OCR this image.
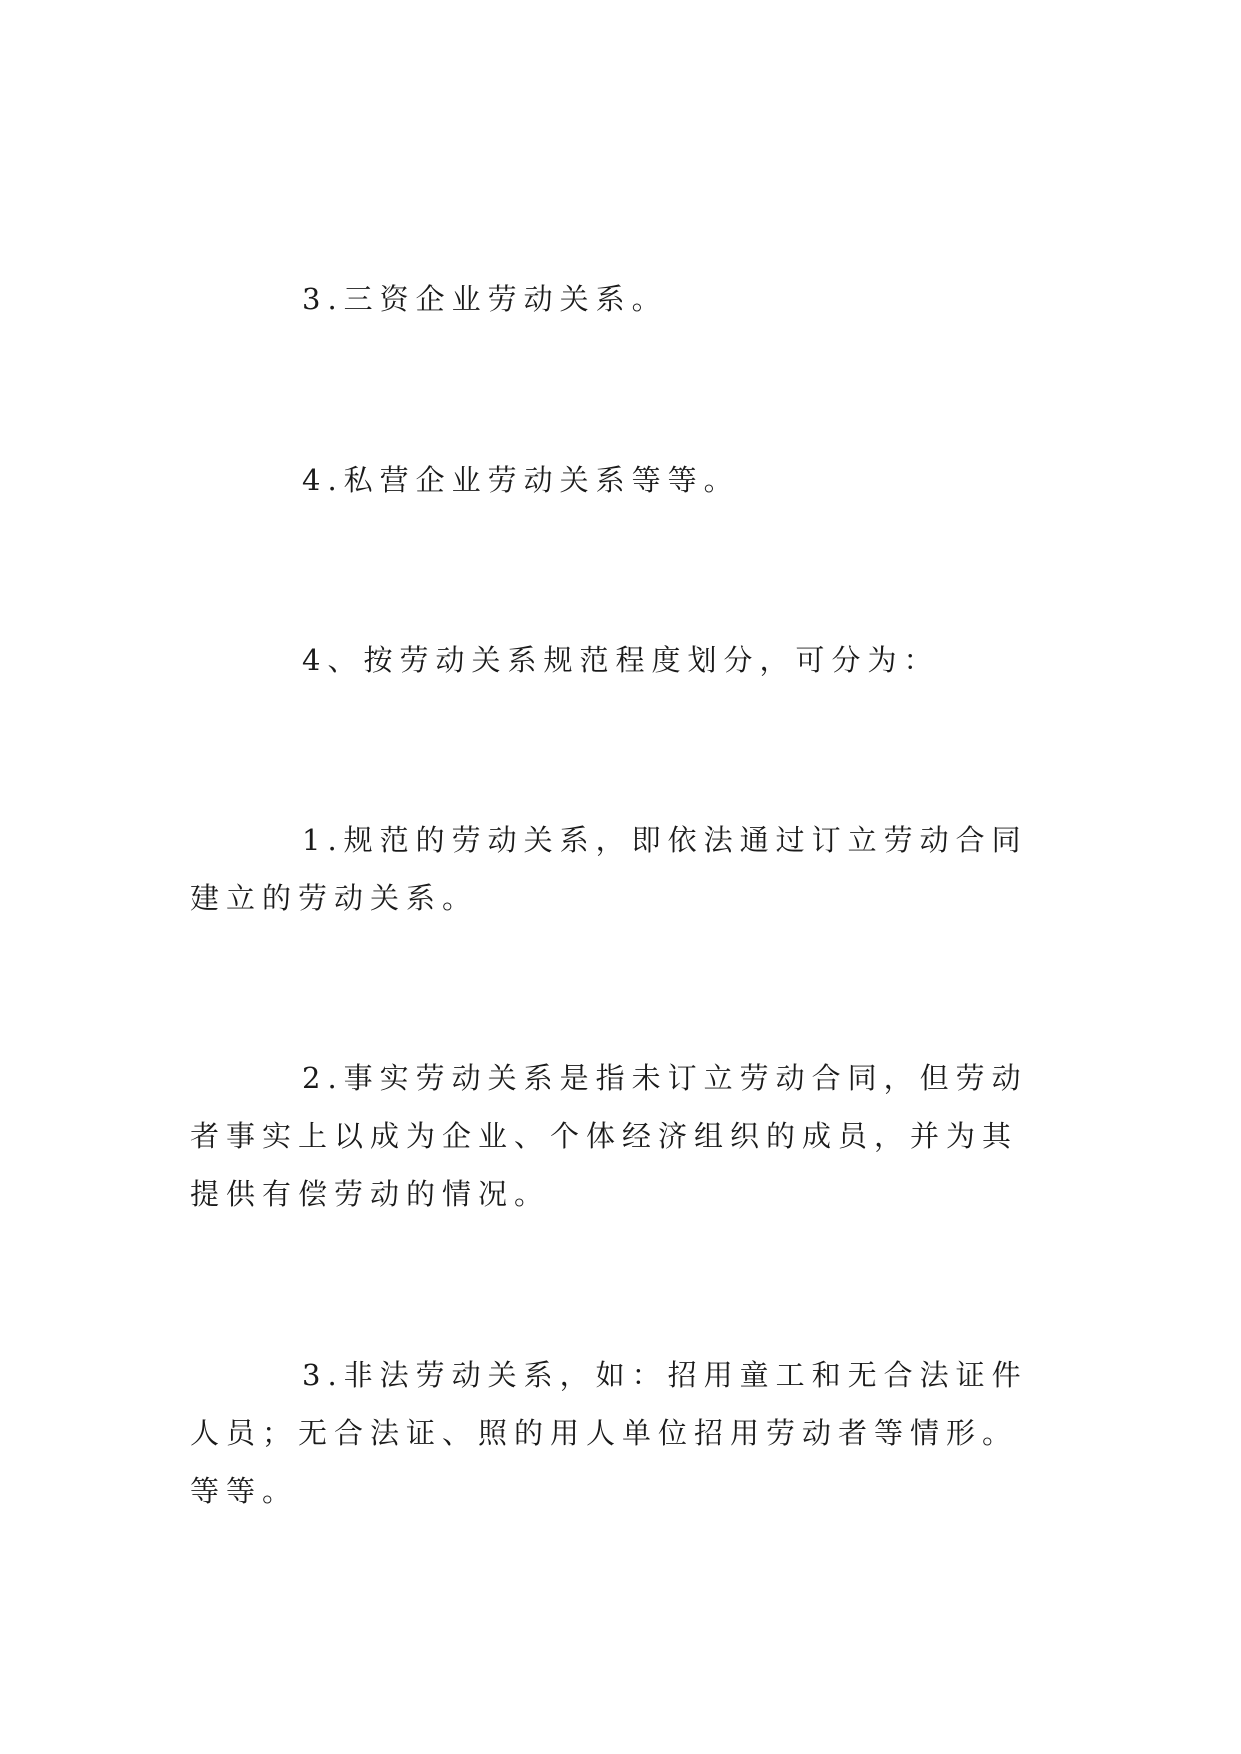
3.三资企业劳动关系。

4.私营企业劳动关系等等。

4、按劳动关系规范程度划分，可分为：

1.规范的劳动关系，即依法通过订立劳动合同建立的劳动关系。

2.事实劳动关系是指未订立劳动合同，但劳动者事实上以成为企业、个体经济组织的成员，并为其提供有偿劳动的情况。

3.非法劳动关系，如：招用童工和无合法证件人员；无合法证、照的用人单位招用劳动者等情形。等等。
